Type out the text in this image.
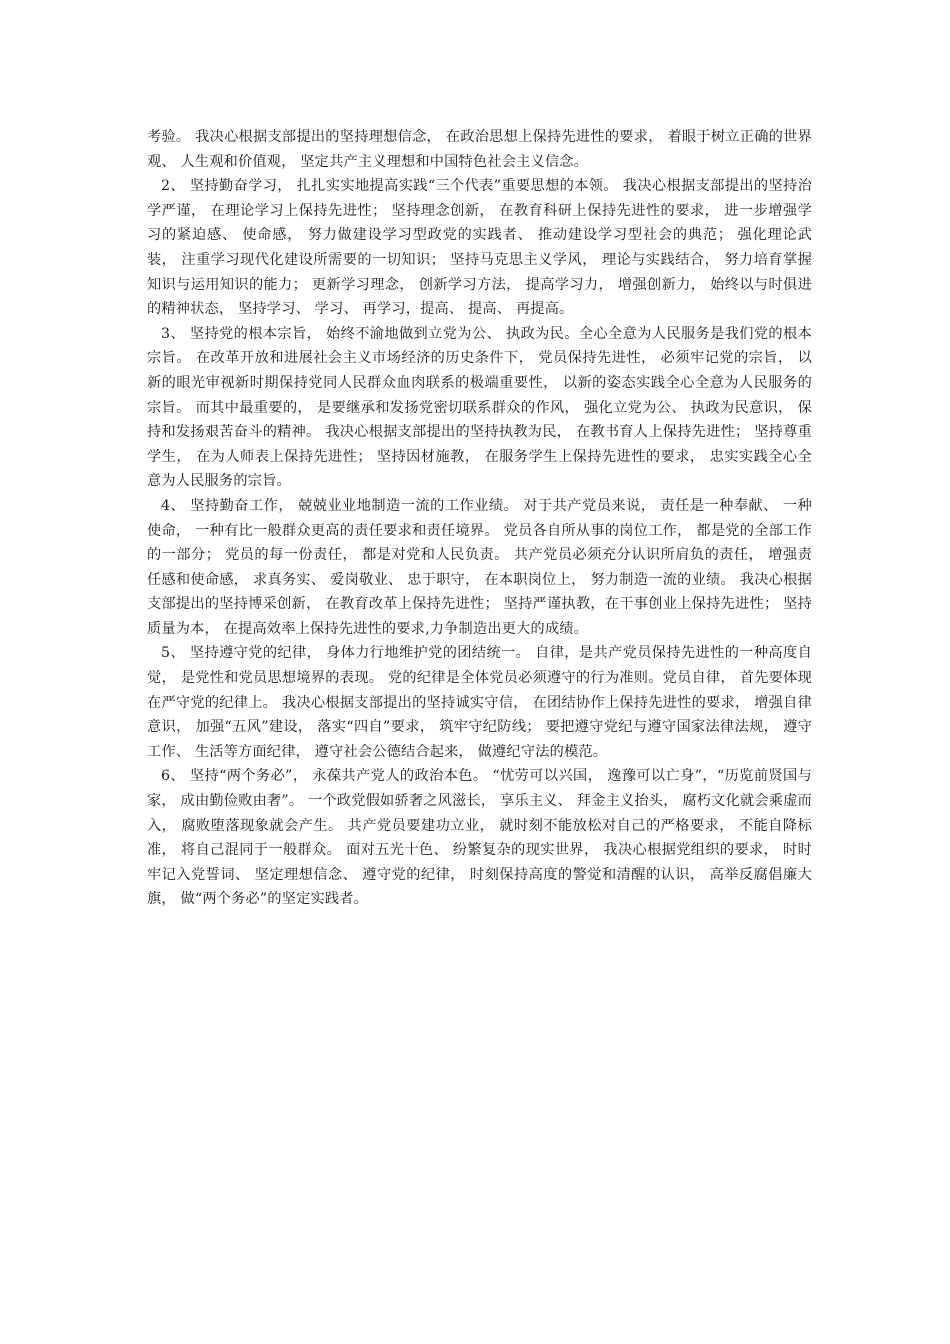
考验。 我决心根据支部提出的坚持理想信念， 在政治思想上保持先进性的要求， 着眼于树立正确的世界观、 人生观和价值观， 坚定共产主义理想和中国特色社会主义信念。

2、 坚持勤奋学习， 扎扎实实地提高实践“三个代表”重要思想的本领。 我决心根据支部提出的坚持治学严谨， 在理论学习上保持先进性； 坚持理念创新， 在教育科研上保持先进性的要求， 进一步增强学习的紧迫感、 使命感， 努力做建设学习型政党的实践者、 推动建设学习型社会的典范； 强化理论武装， 注重学习现代化建设所需要的一切知识； 坚持马克思主义学风， 理论与实践结合， 努力培育掌握知识与运用知识的能力； 更新学习理念， 创新学习方法， 提高学习力， 增强创新力， 始终以与时俱进的精神状态， 坚持学习、 学习、 再学习，提高、 提高、 再提高。

3、 坚持党的根本宗旨， 始终不渝地做到立党为公、 执政为民。全心全意为人民服务是我们党的根本宗旨。 在改革开放和进展社会主义市场经济的历史条件下， 党员保持先进性， 必须牢记党的宗旨， 以新的眼光审视新时期保持党同人民群众血肉联系的极端重要性， 以新的姿态实践全心全意为人民服务的宗旨。 而其中最重要的， 是要继承和发扬党密切联系群众的作风， 强化立党为公、 执政为民意识， 保持和发扬艰苦奋斗的精神。 我决心根据支部提出的坚持执教为民， 在教书育人上保持先进性； 坚持尊重学生， 在为人师表上保持先进性； 坚持因材施教， 在服务学生上保持先进性的要求， 忠实实践全心全意为人民服务的宗旨。

4、 坚持勤奋工作， 兢兢业业地制造一流的工作业绩。 对于共产党员来说， 责任是一种奉献、 一种使命， 一种有比一般群众更高的责任要求和责任境界。 党员各自所从事的岗位工作， 都是党的全部工作的一部分； 党员的每一份责任， 都是对党和人民负责。 共产党员必须充分认识所肩负的责任， 增强责任感和使命感， 求真务实、 爱岗敬业、 忠于职守， 在本职岗位上， 努力制造一流的业绩。 我决心根据支部提出的坚持博采创新， 在教育改革上保持先进性； 坚持严谨执教，在干事创业上保持先进性； 坚持质量为本， 在提高效率上保持先进性的要求,力争制造出更大的成绩。

5、 坚持遵守党的纪律， 身体力行地维护党的团结统一。 自律，是共产党员保持先进性的一种高度自觉， 是党性和党员思想境界的表现。 党的纪律是全体党员必须遵守的行为准则。党员自律， 首先要体现在严守党的纪律上。 我决心根据支部提出的坚持诚实守信， 在团结协作上保持先进性的要求， 增强自律意识， 加强“五风”建设， 落实“四自”要求， 筑牢守纪防线； 要把遵守党纪与遵守国家法律法规， 遵守工作、 生活等方面纪律， 遵守社会公德结合起来， 做遵纪守法的模范。

6、 坚持“两个务必”， 永葆共产党人的政治本色。 “忧劳可以兴国， 逸豫可以亡身”，“历览前贤国与家， 成由勤俭败由奢”。 一个政党假如骄奢之风滋长， 享乐主义、 拜金主义抬头， 腐朽文化就会乘虚而入， 腐败堕落现象就会产生。 共产党员要建功立业， 就时刻不能放松对自己的严格要求， 不能自降标准， 将自己混同于一般群众。 面对五光十色、 纷繁复杂的现实世界， 我决心根据党组织的要求， 时时牢记入党誓词、 坚定理想信念、 遵守党的纪律， 时刻保持高度的警觉和清醒的认识， 高举反腐倡廉大旗， 做“两个务必”的坚定实践者。
